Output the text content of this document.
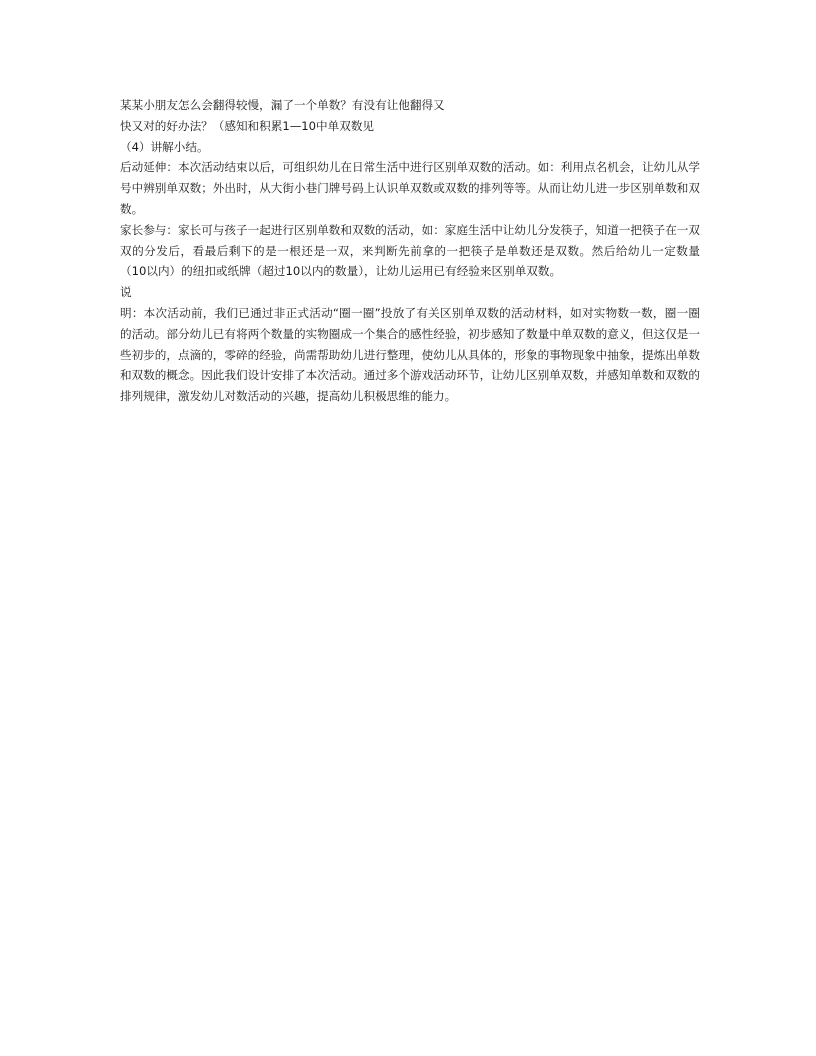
某某小朋友怎么会翻得较慢，漏了一个单数？有没有让他翻得又
快又对的好办法？（感知和积累1—10中单双数见
（4）讲解小结。
后动延伸：本次活动结束以后，可组织幼儿在日常生活中进行区别单双数的活动。如：利用点名机会，让幼儿从学号中辨别单双数；外出时，从大街小巷门牌号码上认识单双数或双数的排列等等。从而让幼儿进一步区别单数和双数。
家长参与：家长可与孩子一起进行区别单数和双数的活动，如：家庭生活中让幼儿分发筷子，知道一把筷子在一双双的分发后，看最后剩下的是一根还是一双，来判断先前拿的一把筷子是单数还是双数。然后给幼儿一定数量（10以内）的纽扣或纸牌（超过10以内的数量），让幼儿运用已有经验来区别单双数。
说
明：本次活动前，我们已通过非正式活动“圈一圈”投放了有关区别单双数的活动材料，如对实物数一数，圈一圈的活动。部分幼儿已有将两个数量的实物圈成一个集合的感性经验，初步感知了数量中单双数的意义，但这仅是一些初步的，点滴的，零碎的经验，尚需帮助幼儿进行整理，使幼儿从具体的，形象的事物现象中抽象，提炼出单数和双数的概念。因此我们设计安排了本次活动。通过多个游戏活动环节，让幼儿区别单双数，并感知单数和双数的排列规律，激发幼儿对数活动的兴趣，提高幼儿积极思维的能力。
